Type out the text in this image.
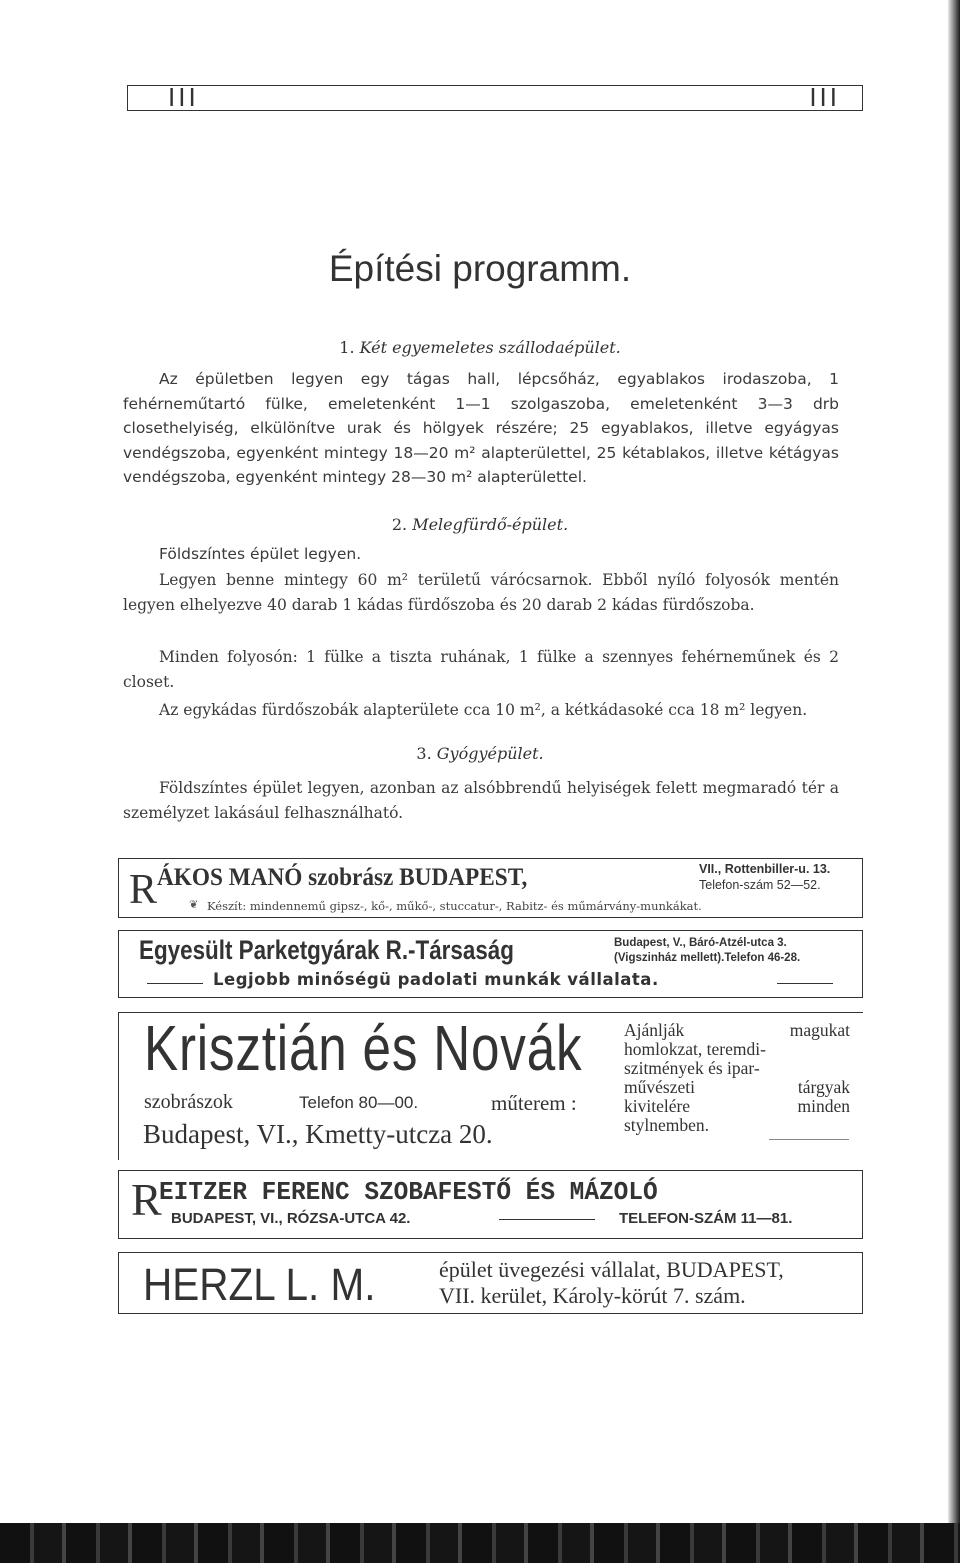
III	III
Építési programm.
1. Két egyemeletes szállodaépület.
Az épületben legyen egy tágas hall, lépcsőház, egyablakos irodaszoba, 1 fehérneműtartó fülke, emeletenként 1—1 szolgaszoba, emeletenként 3—3 drb closethelyiség, elkülönítve urak és hölgyek részére; 25 egyablakos, illetve egyágyas vendégszoba, egyenként mintegy 18—20 m² alapterülettel, 25 kétablakos, illetve kétágyas vendégszoba, egyenként mintegy 28—30 m² alapterülettel.
2. Melegfürdő-épület.
Földszíntes épület legyen.
Legyen benne mintegy 60 m² területű várócsarnok. Ebből nyíló folyosók mentén legyen elhelyezve 40 darab 1 kádas fürdőszoba és 20 darab 2 kádas fürdőszoba.
Minden folyosón: 1 fülke a tiszta ruhának, 1 fülke a szennyes fehérneműnek és 2 closet.
Az egykádas fürdőszobák alapterülete cca 10 m², a kétkádasoké cca 18 m² legyen.
3. Gyógyépület.
Földszíntes épület legyen, azonban az alsóbbrendű helyiségek felett megmaradó tér a személyzet lakásául felhasználható.
R ÁKOS MANÓ szobrász BUDAPEST,	VII., Rottenbiller-u. 13.
Telefon-szám 52—52.
❦ Készít: mindennemű gipsz-, kő-, műkő-, stuccatur-, Rabitz- és műmárvány-munkákat.
Egyesült Parketgyárak R.-Társaság	Budapest, V., Báró-Atzél-utca 3.
(Vigszinház mellett).Telefon 46-28.
Legjobb minőségü padolati munkák vállalata.
Krisztián és Novák
szobrászok	Telefon 80—00.	műterem :
Budapest, VI., Kmetty-utcza 20.
Ajánlják magukat
homlokzat, teremdi-
szitmények és ipar-
művészeti tárgyak
kivitelére minden
stylnemben.
R
EITZER FERENC SZOBAFESTŐ ÉS MÁZOLÓ
BUDAPEST, VI., RÓZSA-UTCA 42.	TELEFON-SZÁM 11—81.
HERZL L. M.	épület üvegezési vállalat, BUDAPEST,
VII. kerület, Károly-körút 7. szám.
